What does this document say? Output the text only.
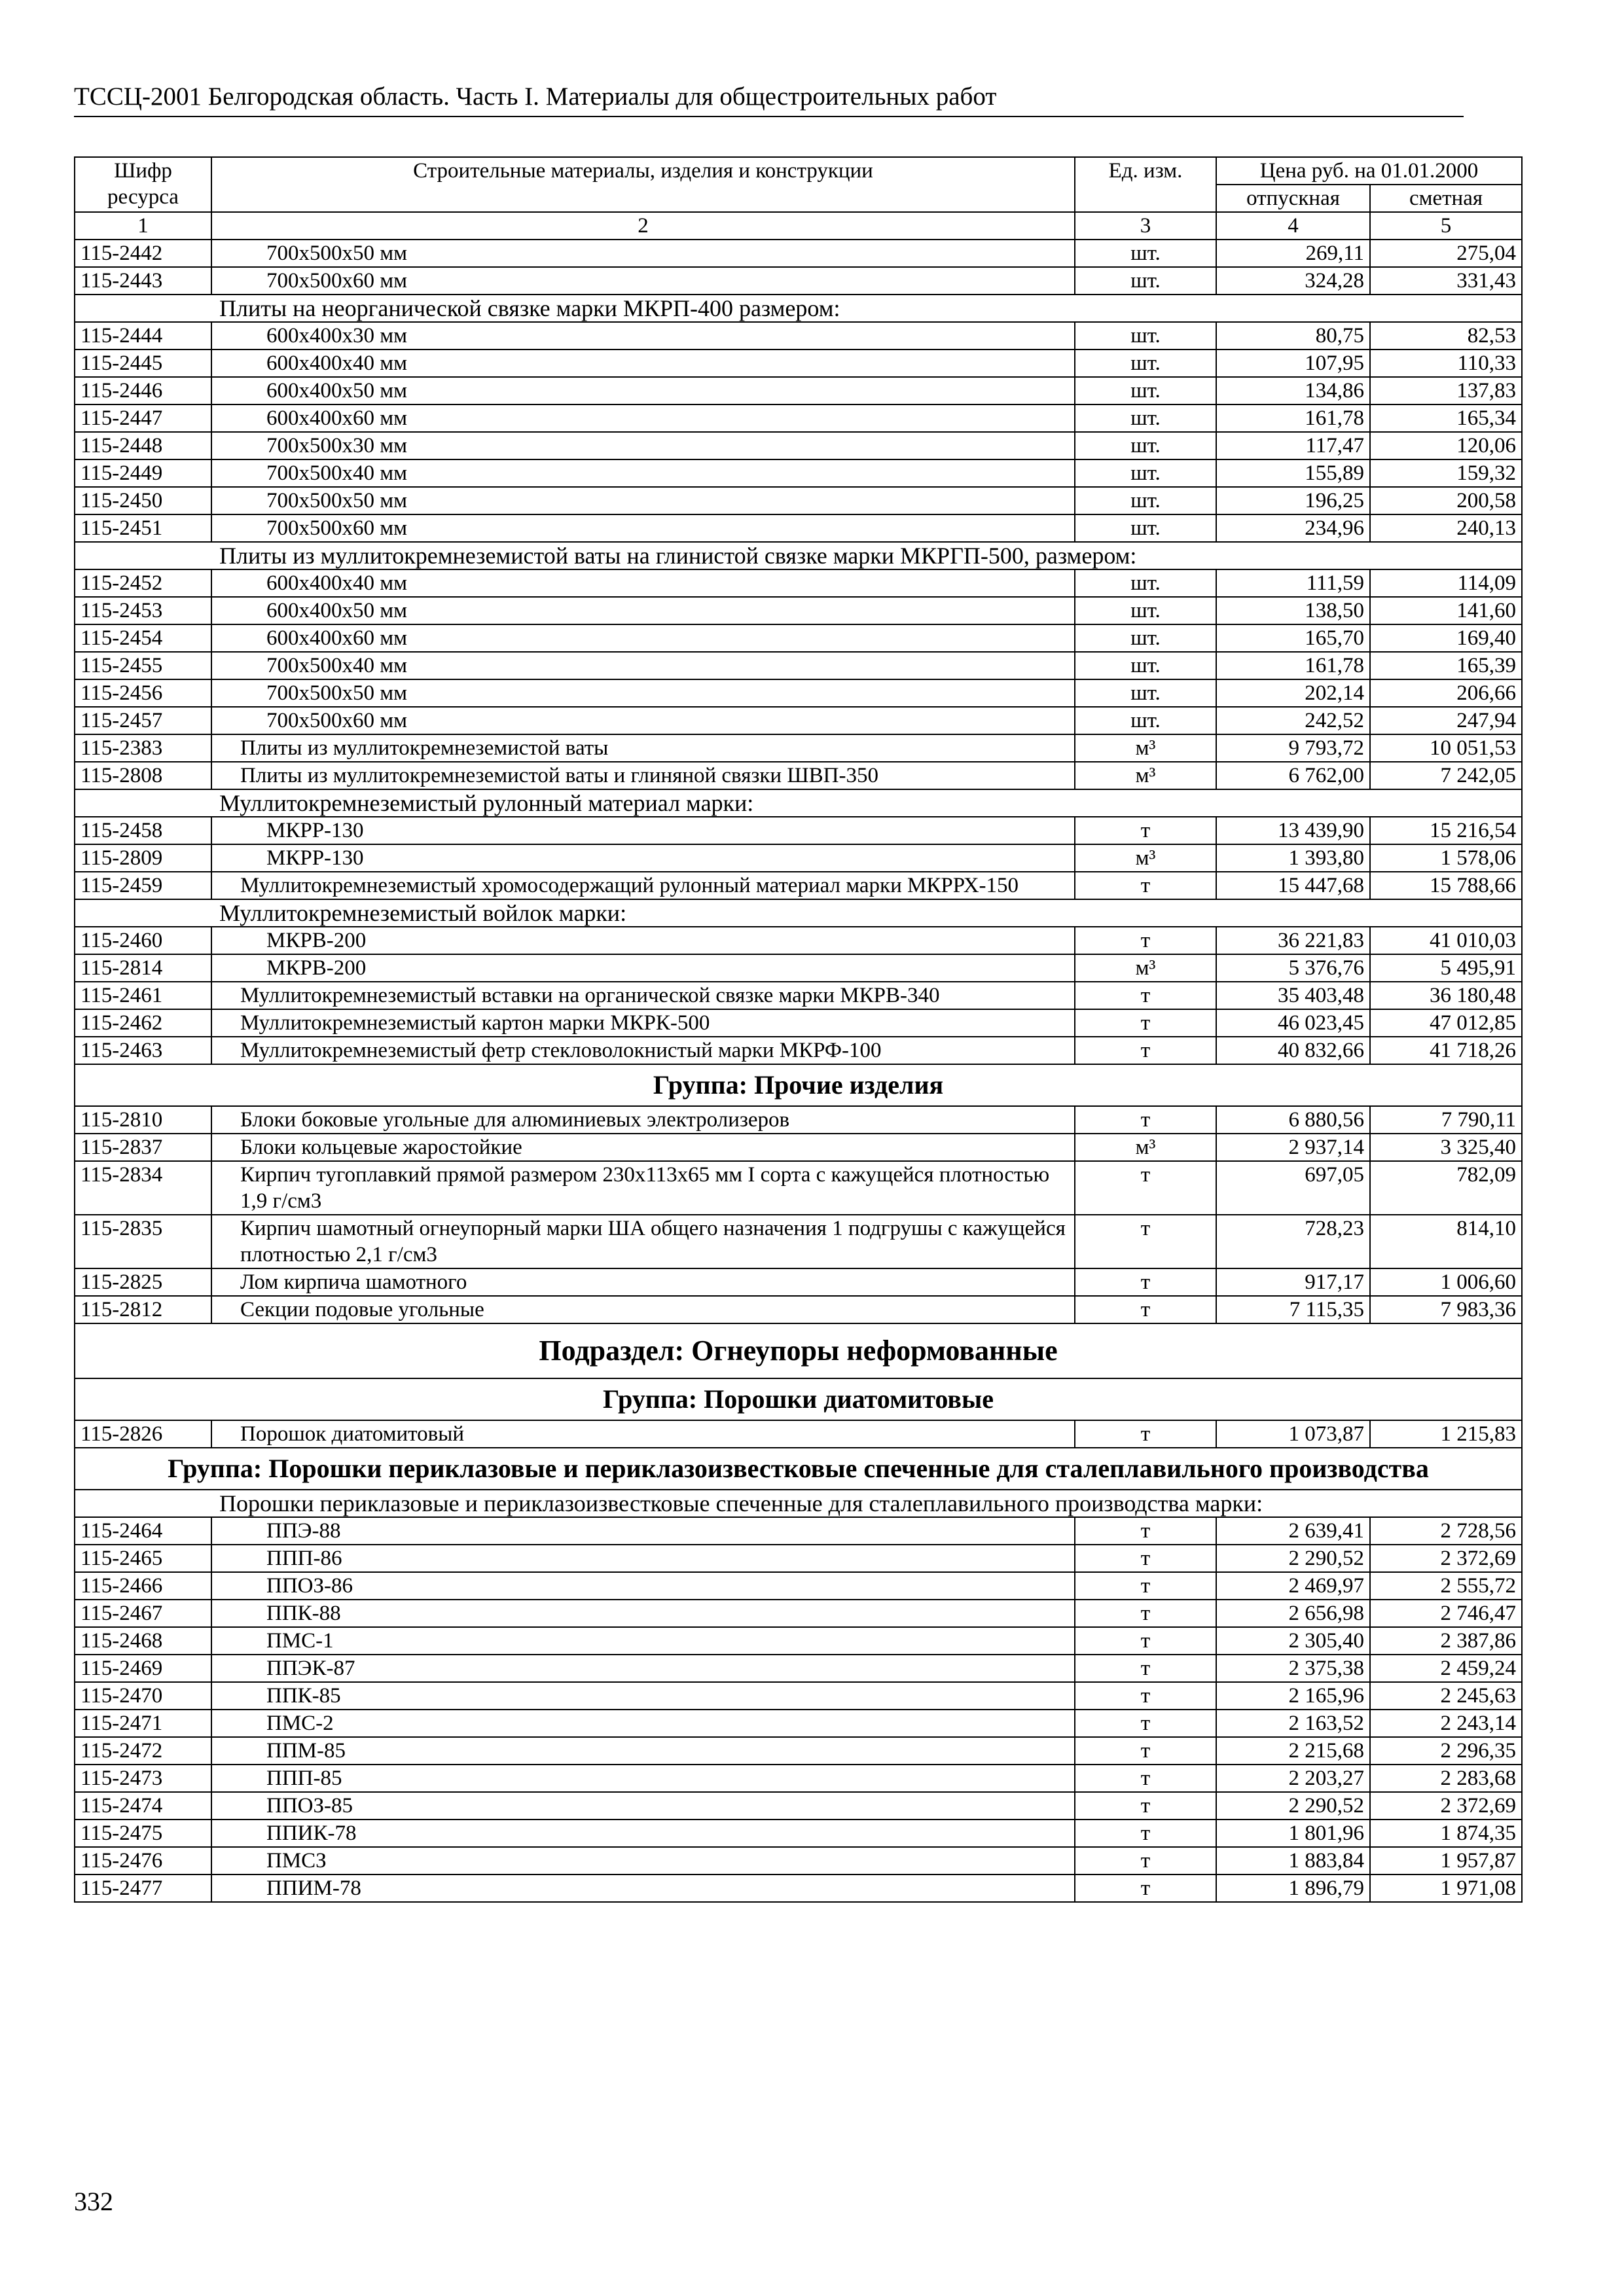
ТССЦ-2001 Белгородская область. Часть I. Материалы для общестроительных работ
Шифр ресурса	Строительные материалы, изделия и конструкции	Ед. изм.	Цена руб. на 01.01.2000	
			отпускная	сметная
1	2	3	4	5
115-2442	700х500х50 мм	шт.	269,11	275,04
115-2443	700х500х60 мм	шт.	324,28	331,43
Плиты на неорганической связке марки МКРП-400 размером:				
115-2444	600х400х30 мм	шт.	80,75	82,53
115-2445	600х400х40 мм	шт.	107,95	110,33
115-2446	600х400х50 мм	шт.	134,86	137,83
115-2447	600х400х60 мм	шт.	161,78	165,34
115-2448	700х500х30 мм	шт.	117,47	120,06
115-2449	700х500х40 мм	шт.	155,89	159,32
115-2450	700х500х50 мм	шт.	196,25	200,58
115-2451	700х500х60 мм	шт.	234,96	240,13
Плиты из муллитокремнеземистой ваты на глинистой связке марки МКРГП-500, размером:				
115-2452	600х400х40 мм	шт.	111,59	114,09
115-2453	600х400х50 мм	шт.	138,50	141,60
115-2454	600х400х60 мм	шт.	165,70	169,40
115-2455	700х500х40 мм	шт.	161,78	165,39
115-2456	700х500х50 мм	шт.	202,14	206,66
115-2457	700х500х60 мм	шт.	242,52	247,94
115-2383	Плиты из муллитокремнеземистой ваты	м³	9 793,72	10 051,53
115-2808	Плиты из муллитокремнеземистой ваты и глиняной связки ШВП-350	м³	6 762,00	7 242,05
Муллитокремнеземистый рулонный материал марки:				
115-2458	МКРР-130	т	13 439,90	15 216,54
115-2809	МКРР-130	м³	1 393,80	1 578,06
115-2459	Муллитокремнеземистый хромосодержащий рулонный материал марки МКРРХ-150	т	15 447,68	15 788,66
Муллитокремнеземистый войлок марки:				
115-2460	МКРВ-200	т	36 221,83	41 010,03
115-2814	МКРВ-200	м³	5 376,76	5 495,91
115-2461	Муллитокремнеземистый вставки на органической связке марки МКРВ-340	т	35 403,48	36 180,48
115-2462	Муллитокремнеземистый картон марки МКРК-500	т	46 023,45	47 012,85
115-2463	Муллитокремнеземистый фетр стекловолокнистый марки МКРФ-100	т	40 832,66	41 718,26
Группа: Прочие изделия				
115-2810	Блоки боковые угольные для алюминиевых электролизеров	т	6 880,56	7 790,11
115-2837	Блоки кольцевые жаростойкие	м³	2 937,14	3 325,40
115-2834	Кирпич тугоплавкий прямой размером 230х113х65 мм I сорта с кажущейся плотностью 1,9 г/см3	т	697,05	782,09
115-2835	Кирпич шамотный огнеупорный марки ША общего назначения 1 подгрушы с кажущейся плотностью 2,1 г/см3	т	728,23	814,10
115-2825	Лом кирпича шамотного	т	917,17	1 006,60
115-2812	Секции подовые угольные	т	7 115,35	7 983,36
Подраздел: Огнеупоры неформованные				
Группа: Порошки диатомитовые				
115-2826	Порошок диатомитовый	т	1 073,87	1 215,83
Группа: Порошки периклазовые и периклазоизвестковые спеченные для сталеплавильного производства				
Порошки периклазовые и периклазоизвестковые спеченные для сталеплавильного производства марки:				
115-2464	ППЭ-88	т	2 639,41	2 728,56
115-2465	ППП-86	т	2 290,52	2 372,69
115-2466	ППОЗ-86	т	2 469,97	2 555,72
115-2467	ППК-88	т	2 656,98	2 746,47
115-2468	ПМС-1	т	2 305,40	2 387,86
115-2469	ППЭК-87	т	2 375,38	2 459,24
115-2470	ППК-85	т	2 165,96	2 245,63
115-2471	ПМС-2	т	2 163,52	2 243,14
115-2472	ППМ-85	т	2 215,68	2 296,35
115-2473	ППП-85	т	2 203,27	2 283,68
115-2474	ППОЗ-85	т	2 290,52	2 372,69
115-2475	ППИК-78	т	1 801,96	1 874,35
115-2476	ПМСЗ	т	1 883,84	1 957,87
115-2477	ППИМ-78	т	1 896,79	1 971,08
332
